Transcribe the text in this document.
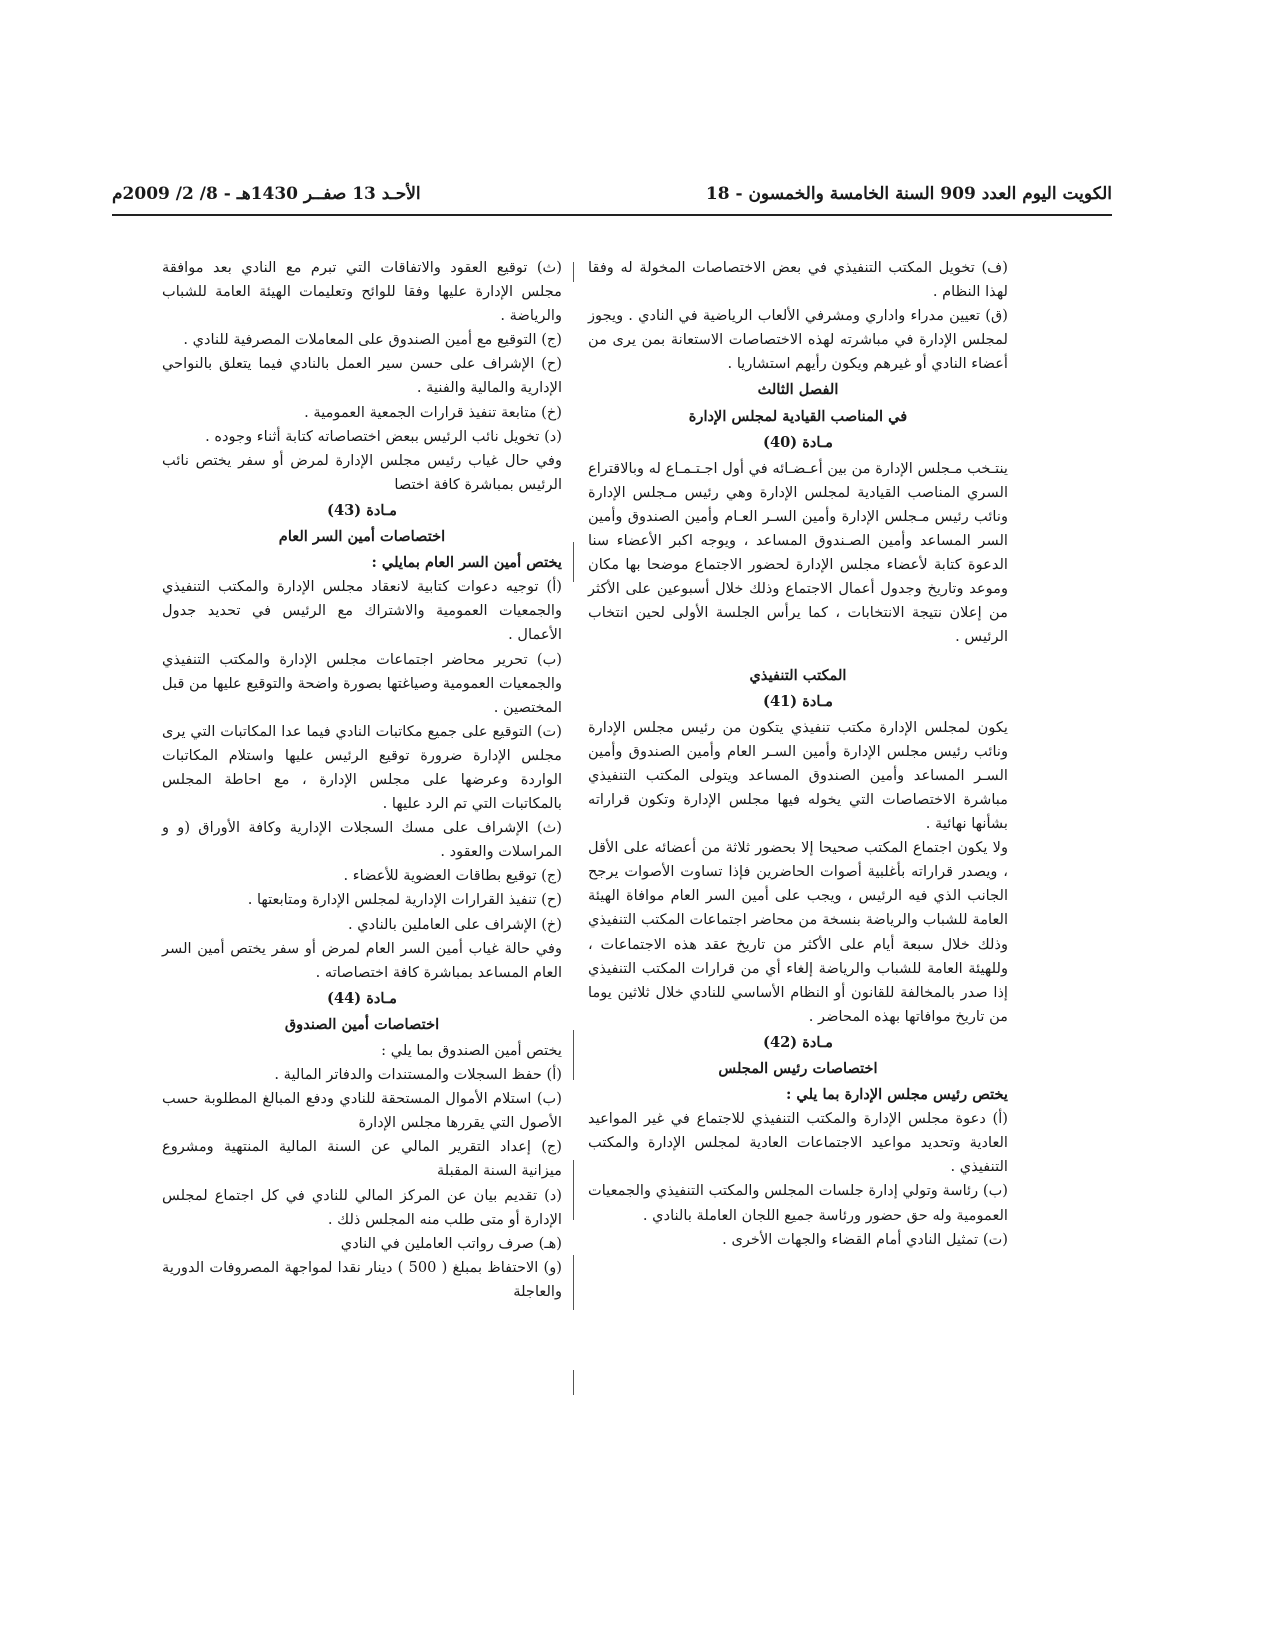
الكويت اليوم العدد 909 السنة الخامسة والخمسون - 18
الأحـد 13 صفــر 1430هـ - 8/ 2/ 2009م

(ف) تخويل المكتب التنفيذي في بعض الاختصاصات المخولة له وفقا لهذا النظام .

(ق) تعيين مدراء واداري ومشرفي الألعاب الرياضية في النادي . ويجوز لمجلس الإدارة في مباشرته لهذه الاختصاصات الاستعانة بمن يرى من أعضاء النادي أو غيرهم ويكون رأيهم استشاريا .

الفصل الثالث

في المناصب القيادية لمجلس الإدارة

مـادة (40)

ينتـخب مـجلس الإدارة من بين أعـضـائه في أول اجـتـمـاع له وبالاقتراع السري المناصب القيادية لمجلس الإدارة وهي رئيس مـجلس الإدارة ونائب رئيس مـجلس الإدارة وأمين السـر العـام وأمين الصندوق وأمين السر المساعد وأمين الصـندوق المساعد ، ويوجه اكبر الأعضاء سنا الدعوة كتابة لأعضاء مجلس الإدارة لحضور الاجتماع موضحا بها مكان وموعد وتاريخ وجدول أعمال الاجتماع وذلك خلال أسبوعين على الأكثر من إعلان نتيجة الانتخابات ، كما يرأس الجلسة الأولى لحين انتخاب الرئيس .

المكتب التنفيذي

مـادة (41)

يكون لمجلس الإدارة مكتب تنفيذي يتكون من رئيس مجلس الإدارة ونائب رئيس مجلس الإدارة وأمين السـر العام وأمين الصندوق وأمين السـر المساعد وأمين الصندوق المساعد ويتولى المكتب التنفيذي مباشرة الاختصاصات التي يخوله فيها مجلس الإدارة وتكون قراراته بشأنها نهائية .

ولا يكون اجتماع المكتب صحيحا إلا بحضور ثلاثة من أعضائه على الأقل ، ويصدر قراراته بأغلبية أصوات الحاضرين فإذا تساوت الأصوات يرجح الجانب الذي فيه الرئيس ، ويجب على أمين السر العام موافاة الهيئة العامة للشباب والرياضة بنسخة من محاضر اجتماعات المكتب التنفيذي وذلك خلال سبعة أيام على الأكثر من تاريخ عقد هذه الاجتماعات ، وللهيئة العامة للشباب والرياضة إلغاء أي من قرارات المكتب التنفيذي إذا صدر بالمخالفة للقانون أو النظام الأساسي للنادي خلال ثلاثين يوما من تاريخ موافاتها بهذه المحاضر .

مـادة (42)

اختصاصات رئيس المجلس

يختص رئيس مجلس الإدارة بما يلي :

(أ) دعوة مجلس الإدارة والمكتب التنفيذي للاجتماع في غير المواعيد العادية وتحديد مواعيد الاجتماعات العادية لمجلس الإدارة والمكتب التنفيذي .

(ب) رئاسة وتولي إدارة جلسات المجلس والمكتب التنفيذي والجمعيات العمومية وله حق حضور ورئاسة جميع اللجان العاملة بالنادي .

(ت) تمثيل النادي أمام القضاء والجهات الأخرى .

(ث) توقيع العقود والاتفاقات التي تبرم مع النادي بعد موافقة مجلس الإدارة عليها وفقا للوائح وتعليمات الهيئة العامة للشباب والرياضة .

(ج) التوقيع مع أمين الصندوق على المعاملات المصرفية للنادي .

(ح) الإشراف على حسن سير العمل بالنادي فيما يتعلق بالنواحي الإدارية والمالية والفنية .

(خ) متابعة تنفيذ قرارات الجمعية العمومية .

(د) تخويل نائب الرئيس ببعض اختصاصاته كتابة أثناء وجوده .

وفي حال غياب رئيس مجلس الإدارة لمرض أو سفر يختص نائب الرئيس بمباشرة كافة اختصا

مـادة (43)

اختصاصات أمين السر العام

يختص أمين السر العام بمايلي :

(أ) توجيه دعوات كتابية لانعقاد مجلس الإدارة والمكتب التنفيذي والجمعيات العمومية والاشتراك مع الرئيس في تحديد جدول الأعمال .

(ب) تحرير محاضر اجتماعات مجلس الإدارة والمكتب التنفيذي والجمعيات العمومية وصياغتها بصورة واضحة والتوقيع عليها من قبل المختصين .

(ت) التوقيع على جميع مكاتبات النادي فيما عدا المكاتبات التي يرى مجلس الإدارة ضرورة توقيع الرئيس عليها واستلام المكاتبات الواردة وعرضها على مجلس الإدارة ، مع احاطة المجلس بالمكاتبات التي تم الرد عليها .

(ث) الإشراف على مسك السجلات الإدارية وكافة الأوراق (و و المراسلات والعقود .

(ج) توقيع بطاقات العضوية للأعضاء .

(ح) تنفيذ القرارات الإدارية لمجلس الإدارة ومتابعتها .

(خ) الإشراف على العاملين بالنادي .

وفي حالة غياب أمين السر العام لمرض أو سفر يختص أمين السر العام المساعد بمباشرة كافة اختصاصاته .

مـادة (44)

اختصاصات أمين الصندوق

يختص أمين الصندوق بما يلي :

(أ) حفظ السجلات والمستندات والدفاتر المالية .

(ب) استلام الأموال المستحقة للنادي ودفع المبالغ المطلوبة حسب الأصول التي يقررها مجلس الإدارة

(ج) إعداد التقرير المالي عن السنة المالية المنتهية ومشروع ميزانية السنة المقبلة

(د) تقديم بيان عن المركز المالي للنادي في كل اجتماع لمجلس الإدارة أو متى طلب منه المجلس ذلك .

(هـ) صرف رواتب العاملين في النادي

(و) الاحتفاظ بمبلغ ( 500 ) دينار نقدا لمواجهة المصروفات الدورية والعاجلة
